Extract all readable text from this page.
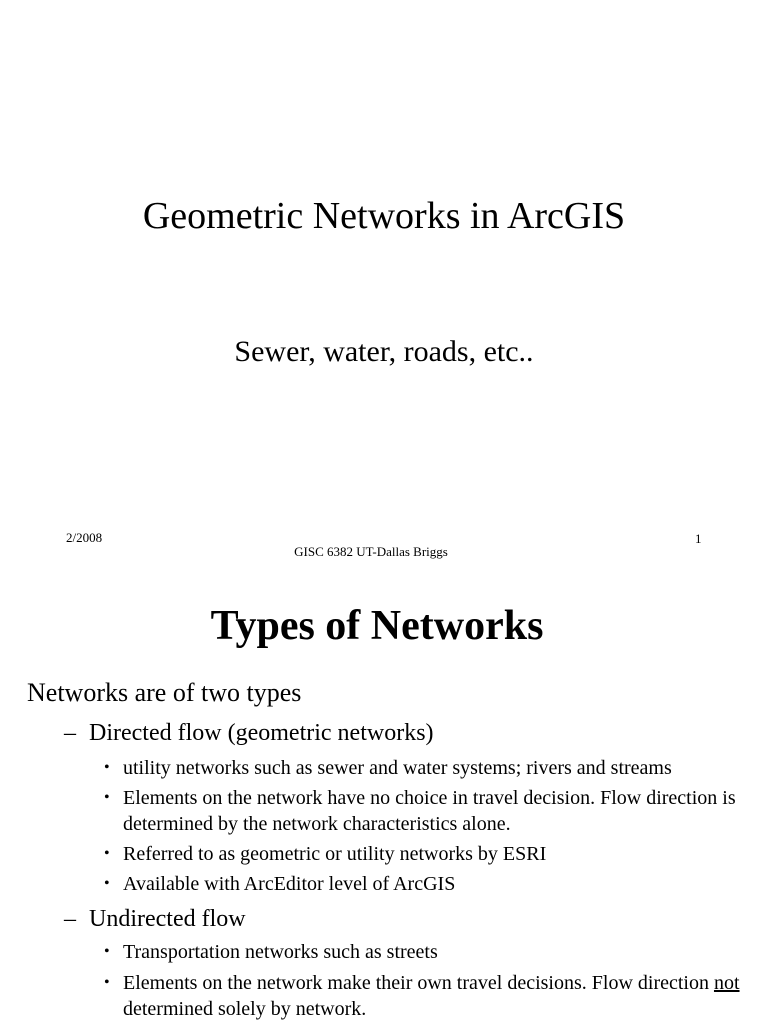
Geometric Networks in ArcGIS
Sewer, water, roads, etc..
2/2008
GISC 6382 UT-Dallas Briggs
1
Types of Networks
Networks are of two types
– Directed flow (geometric networks)
• utility networks such as sewer and water systems; rivers and streams
• Elements on the network have no choice in travel decision. Flow direction is determined by the network characteristics alone.
• Referred to as geometric or utility networks by ESRI
• Available with ArcEditor level of ArcGIS
– Undirected flow
• Transportation networks such as streets
• Elements on the network make their own travel decisions. Flow direction not determined solely by network.
